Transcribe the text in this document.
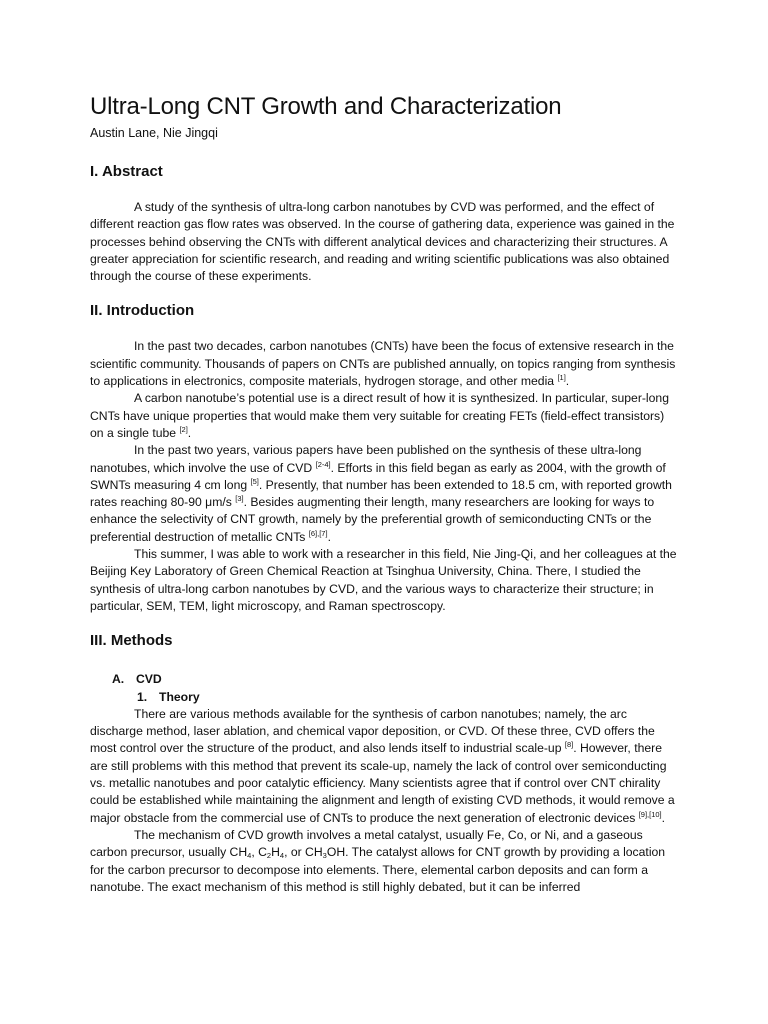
Ultra-Long CNT Growth and Characterization

Austin Lane, Nie Jingqi

I. Abstract

A study of the synthesis of ultra-long carbon nanotubes by CVD was performed, and the effect of different reaction gas flow rates was observed. In the course of gathering data, experience was gained in the processes behind observing the CNTs with different analytical devices and characterizing their structures. A greater appreciation for scientific research, and reading and writing scientific publications was also obtained through the course of these experiments.

II. Introduction

In the past two decades, carbon nanotubes (CNTs) have been the focus of extensive research in the scientific community. Thousands of papers on CNTs are published annually, on topics ranging from synthesis to applications in electronics, composite materials, hydrogen storage, and other media [1].

A carbon nanotube’s potential use is a direct result of how it is synthesized. In particular, super-long CNTs have unique properties that would make them very suitable for creating FETs (field-effect transistors) on a single tube [2].

In the past two years, various papers have been published on the synthesis of these ultra-long nanotubes, which involve the use of CVD [2-4]. Efforts in this field began as early as 2004, with the growth of SWNTs measuring 4 cm long [5]. Presently, that number has been extended to 18.5 cm, with reported growth rates reaching 80-90 μm/s [3]. Besides augmenting their length, many researchers are looking for ways to enhance the selectivity of CNT growth, namely by the preferential growth of semiconducting CNTs or the preferential destruction of metallic CNTs [6],[7].

This summer, I was able to work with a researcher in this field, Nie Jing-Qi, and her colleagues at the Beijing Key Laboratory of Green Chemical Reaction at Tsinghua University, China. There, I studied the synthesis of ultra-long carbon nanotubes by CVD, and the various ways to characterize their structure; in particular, SEM, TEM, light microscopy, and Raman spectroscopy.

III. Methods

A. CVD

1. Theory

There are various methods available for the synthesis of carbon nanotubes; namely, the arc discharge method, laser ablation, and chemical vapor deposition, or CVD. Of these three, CVD offers the most control over the structure of the product, and also lends itself to industrial scale-up [8]. However, there are still problems with this method that prevent its scale-up, namely the lack of control over semiconducting vs. metallic nanotubes and poor catalytic efficiency. Many scientists agree that if control over CNT chirality could be established while maintaining the alignment and length of existing CVD methods, it would remove a major obstacle from the commercial use of CNTs to produce the next generation of electronic devices [9],[10].

The mechanism of CVD growth involves a metal catalyst, usually Fe, Co, or Ni, and a gaseous carbon precursor, usually $CH_4$, $C_2H_4$, or $CH_3OH$. The catalyst allows for CNT growth by providing a location for the carbon precursor to decompose into elements. There, elemental carbon deposits and can form a nanotube. The exact mechanism of this method is still highly debated, but it can be inferred
